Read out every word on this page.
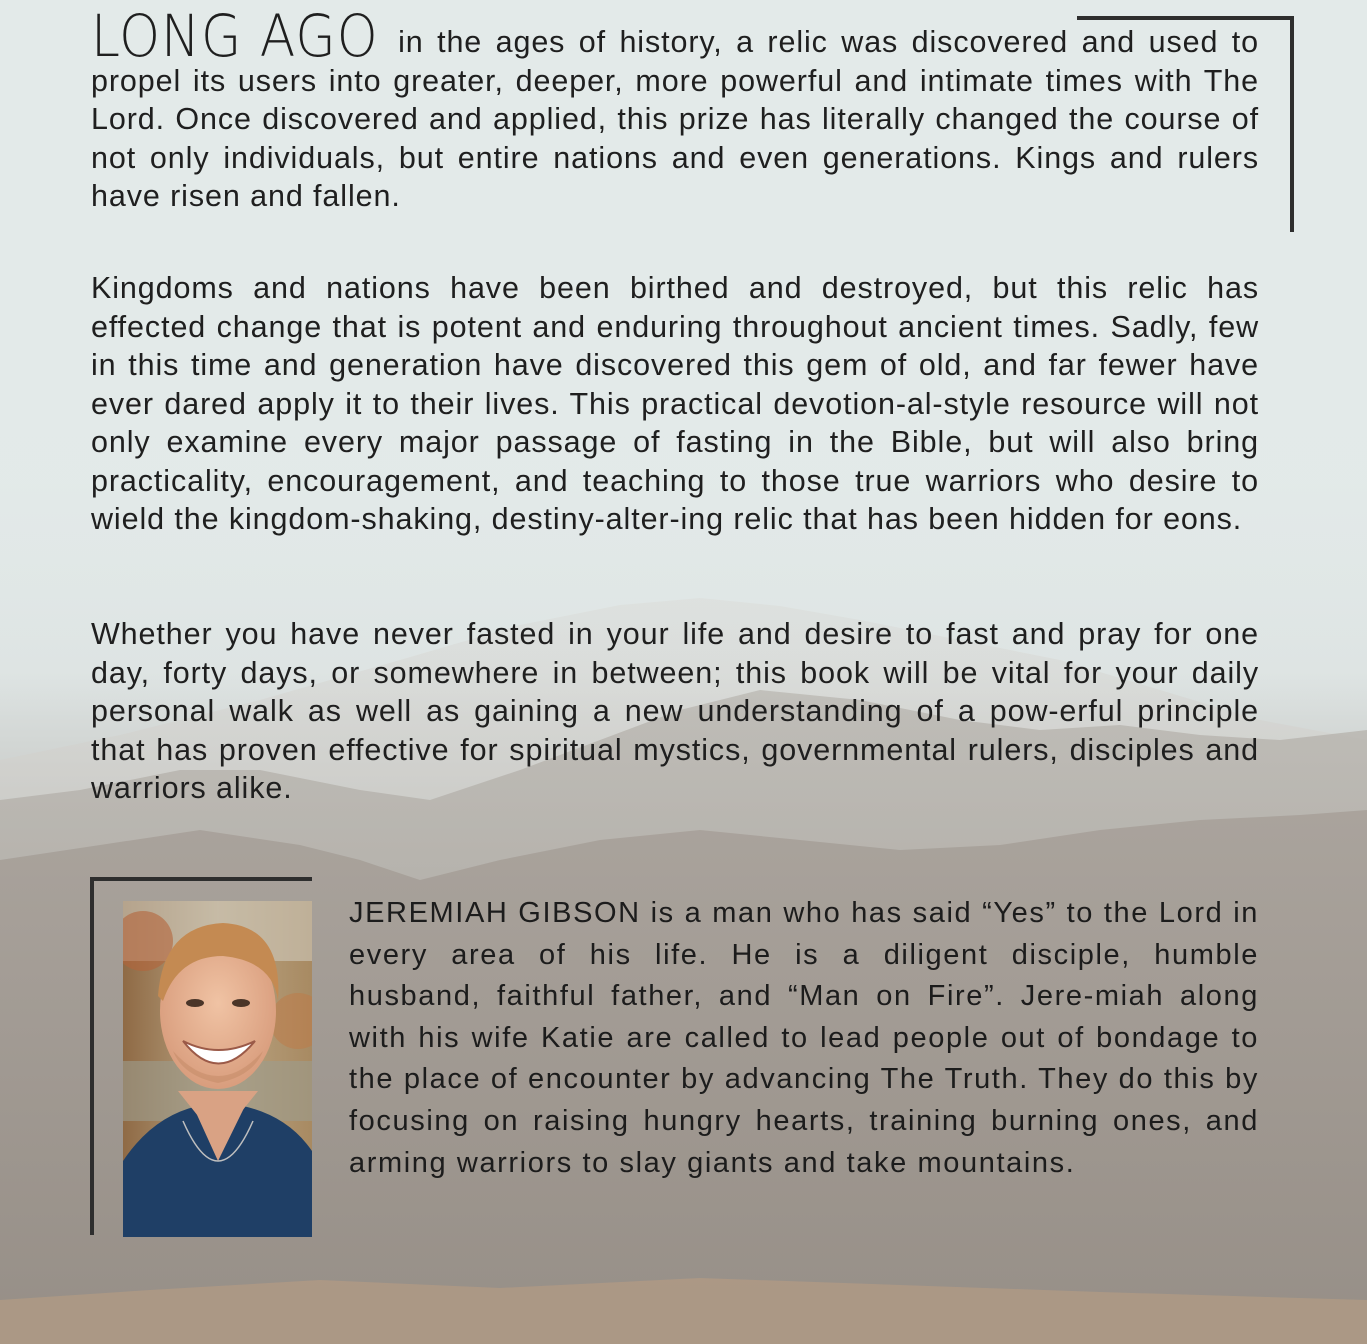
LONG AGO in the ages of history, a relic was discovered and used to propel its users into greater, deeper, more powerful and intimate times with The Lord. Once discovered and applied, this prize has literally changed the course of not only individuals, but entire nations and even generations. Kings and rulers have risen and fallen.

Kingdoms and nations have been birthed and destroyed, but this relic has effected change that is potent and enduring throughout ancient times. Sadly, few in this time and generation have discovered this gem of old, and far fewer have ever dared apply it to their lives. This practical devotion-al-style resource will not only examine every major passage of fasting in the Bible, but will also bring practicality, encouragement, and teaching to those true warriors who desire to wield the kingdom-shaking, destiny-alter-ing relic that has been hidden for eons.

Whether you have never fasted in your life and desire to fast and pray for one day, forty days, or somewhere in between; this book will be vital for your daily personal walk as well as gaining a new understanding of a pow-erful principle that has proven effective for spiritual mystics, governmental rulers, disciples and warriors alike.

JEREMIAH GIBSON is a man who has said “Yes” to the Lord in every area of his life. He is a diligent disciple, humble husband, faithful father, and “Man on Fire”. Jere-miah along with his wife Katie are called to lead people out of bondage to the place of encounter by advancing The Truth. They do this by focusing on raising hungry hearts, training burning ones, and arming warriors to slay giants and take mountains.
